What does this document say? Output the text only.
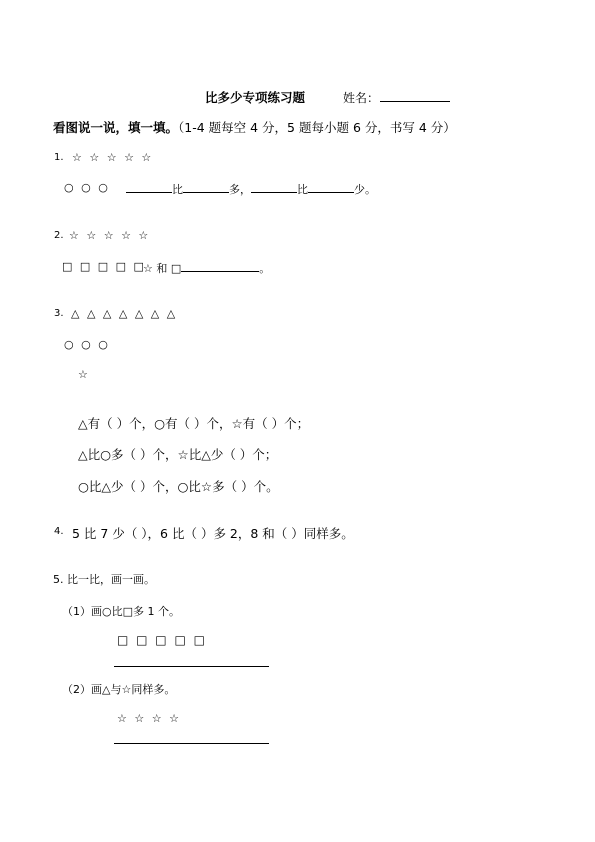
比多少专项练习题	姓名：
看图说一说，填一填。（1-4 题每空 4 分，5 题每小题 6 分，书写 4 分）
1. ☆ ☆ ☆ ☆ ☆
○ ○ ○	比	多，	比	少。
2. ☆ ☆ ☆ ☆ ☆
□ □ □ □ □
☆ 和 □	。
3. △ △ △ △ △ △ △
○ ○ ○
☆
△有（ ）个，○有（ ）个，☆有（ ）个；
△比○多（ ）个，☆比△少（ ）个；
○比△少（ ）个，○比☆多（ ）个。
4. 5 比 7 少（ ），6 比（ ）多 2，8 和（ ）同样多。
5. 比一比，画一画。
（1）画○比□多 1 个。
□ □ □ □ □
（2）画△与☆同样多。
☆ ☆ ☆ ☆
